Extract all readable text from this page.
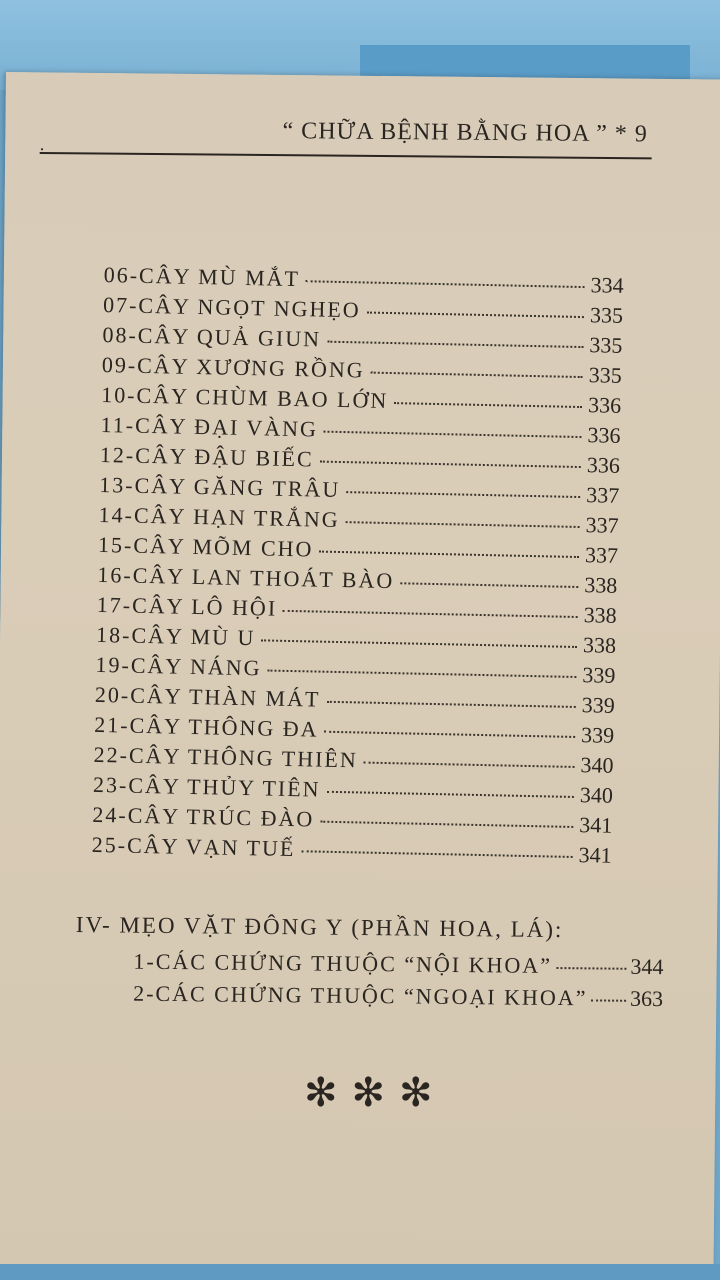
.	“ CHỮA BỆNH BẰNG HOA ” * 9
06-CÂY MÙ MẮT	334
07-CÂY NGỌT NGHẸO	335
08-CÂY QUẢ GIUN	335
09-CÂY XƯƠNG RỒNG	335
10-CÂY CHÙM BAO LỚN	336
11-CÂY ĐẠI VÀNG	336
12-CÂY ĐẬU BIẾC	336
13-CÂY GĂNG TRÂU	337
14-CÂY HẠN TRẮNG	337
15-CÂY MÕM CHO	337
16-CÂY LAN THOÁT BÀO	338
17-CÂY LÔ HỘI	338
18-CÂY MÙ U	338
19-CÂY NÁNG	339
20-CÂY THÀN MÁT	339
21-CÂY THÔNG ĐA	339
22-CÂY THÔNG THIÊN	340
23-CÂY THỦY TIÊN	340
24-CÂY TRÚC ĐÀO	341
25-CÂY VẠN TUẾ	341
IV- MẸO VẶT ĐÔNG Y (PHẦN HOA, LÁ):
1-CÁC CHỨNG THUỘC “NỘI KHOA”	344
2-CÁC CHỨNG THUỘC “NGOẠI KHOA” 363
✻✻✻
